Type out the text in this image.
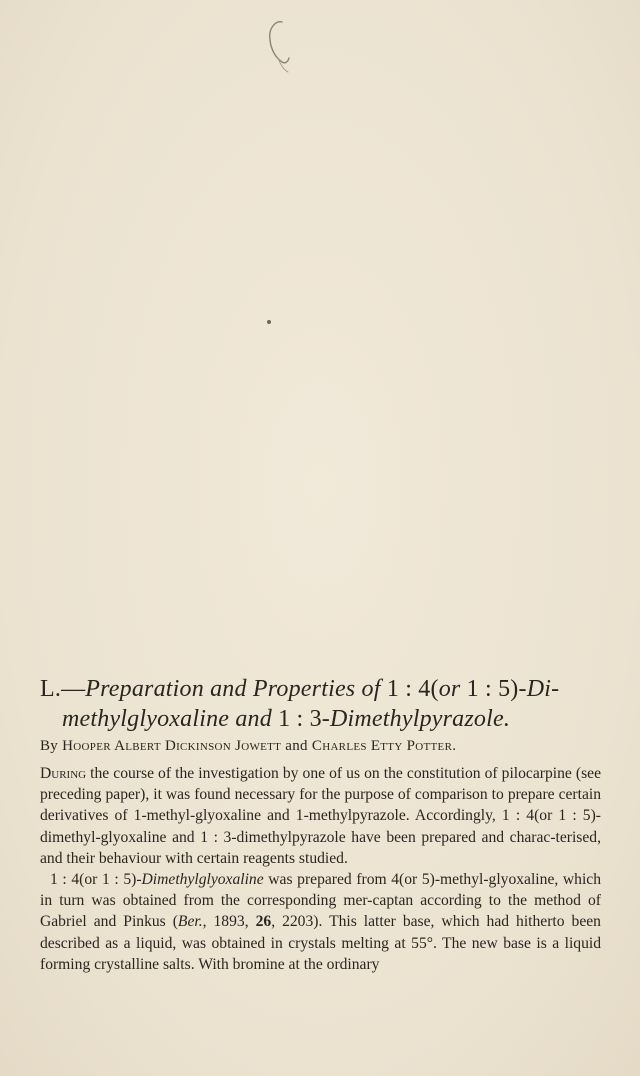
L.—Preparation and Properties of 1 : 4(or 1 : 5)-Di-
methylglyoxaline and 1 : 3-Dimethylpyrazole.
By Hooper Albert Dickinson Jowett and Charles Etty Potter.

During the course of the investigation by one of us on the constitution of pilocarpine (see preceding paper), it was found necessary for the purpose of comparison to prepare certain derivatives of 1-methyl-glyoxaline and 1-methylpyrazole. Accordingly, 1 : 4(or 1 : 5)-dimethyl-glyoxaline and 1 : 3-dimethylpyrazole have been prepared and charac-terised, and their behaviour with certain reagents studied.

1 : 4(or 1 : 5)-Dimethylglyoxaline was prepared from 4(or 5)-methyl-glyoxaline, which in turn was obtained from the corresponding mer-captan according to the method of Gabriel and Pinkus (Ber., 1893, 26, 2203). This latter base, which had hitherto been described as a liquid, was obtained in crystals melting at 55°. The new base is a liquid forming crystalline salts. With bromine at the ordinary
